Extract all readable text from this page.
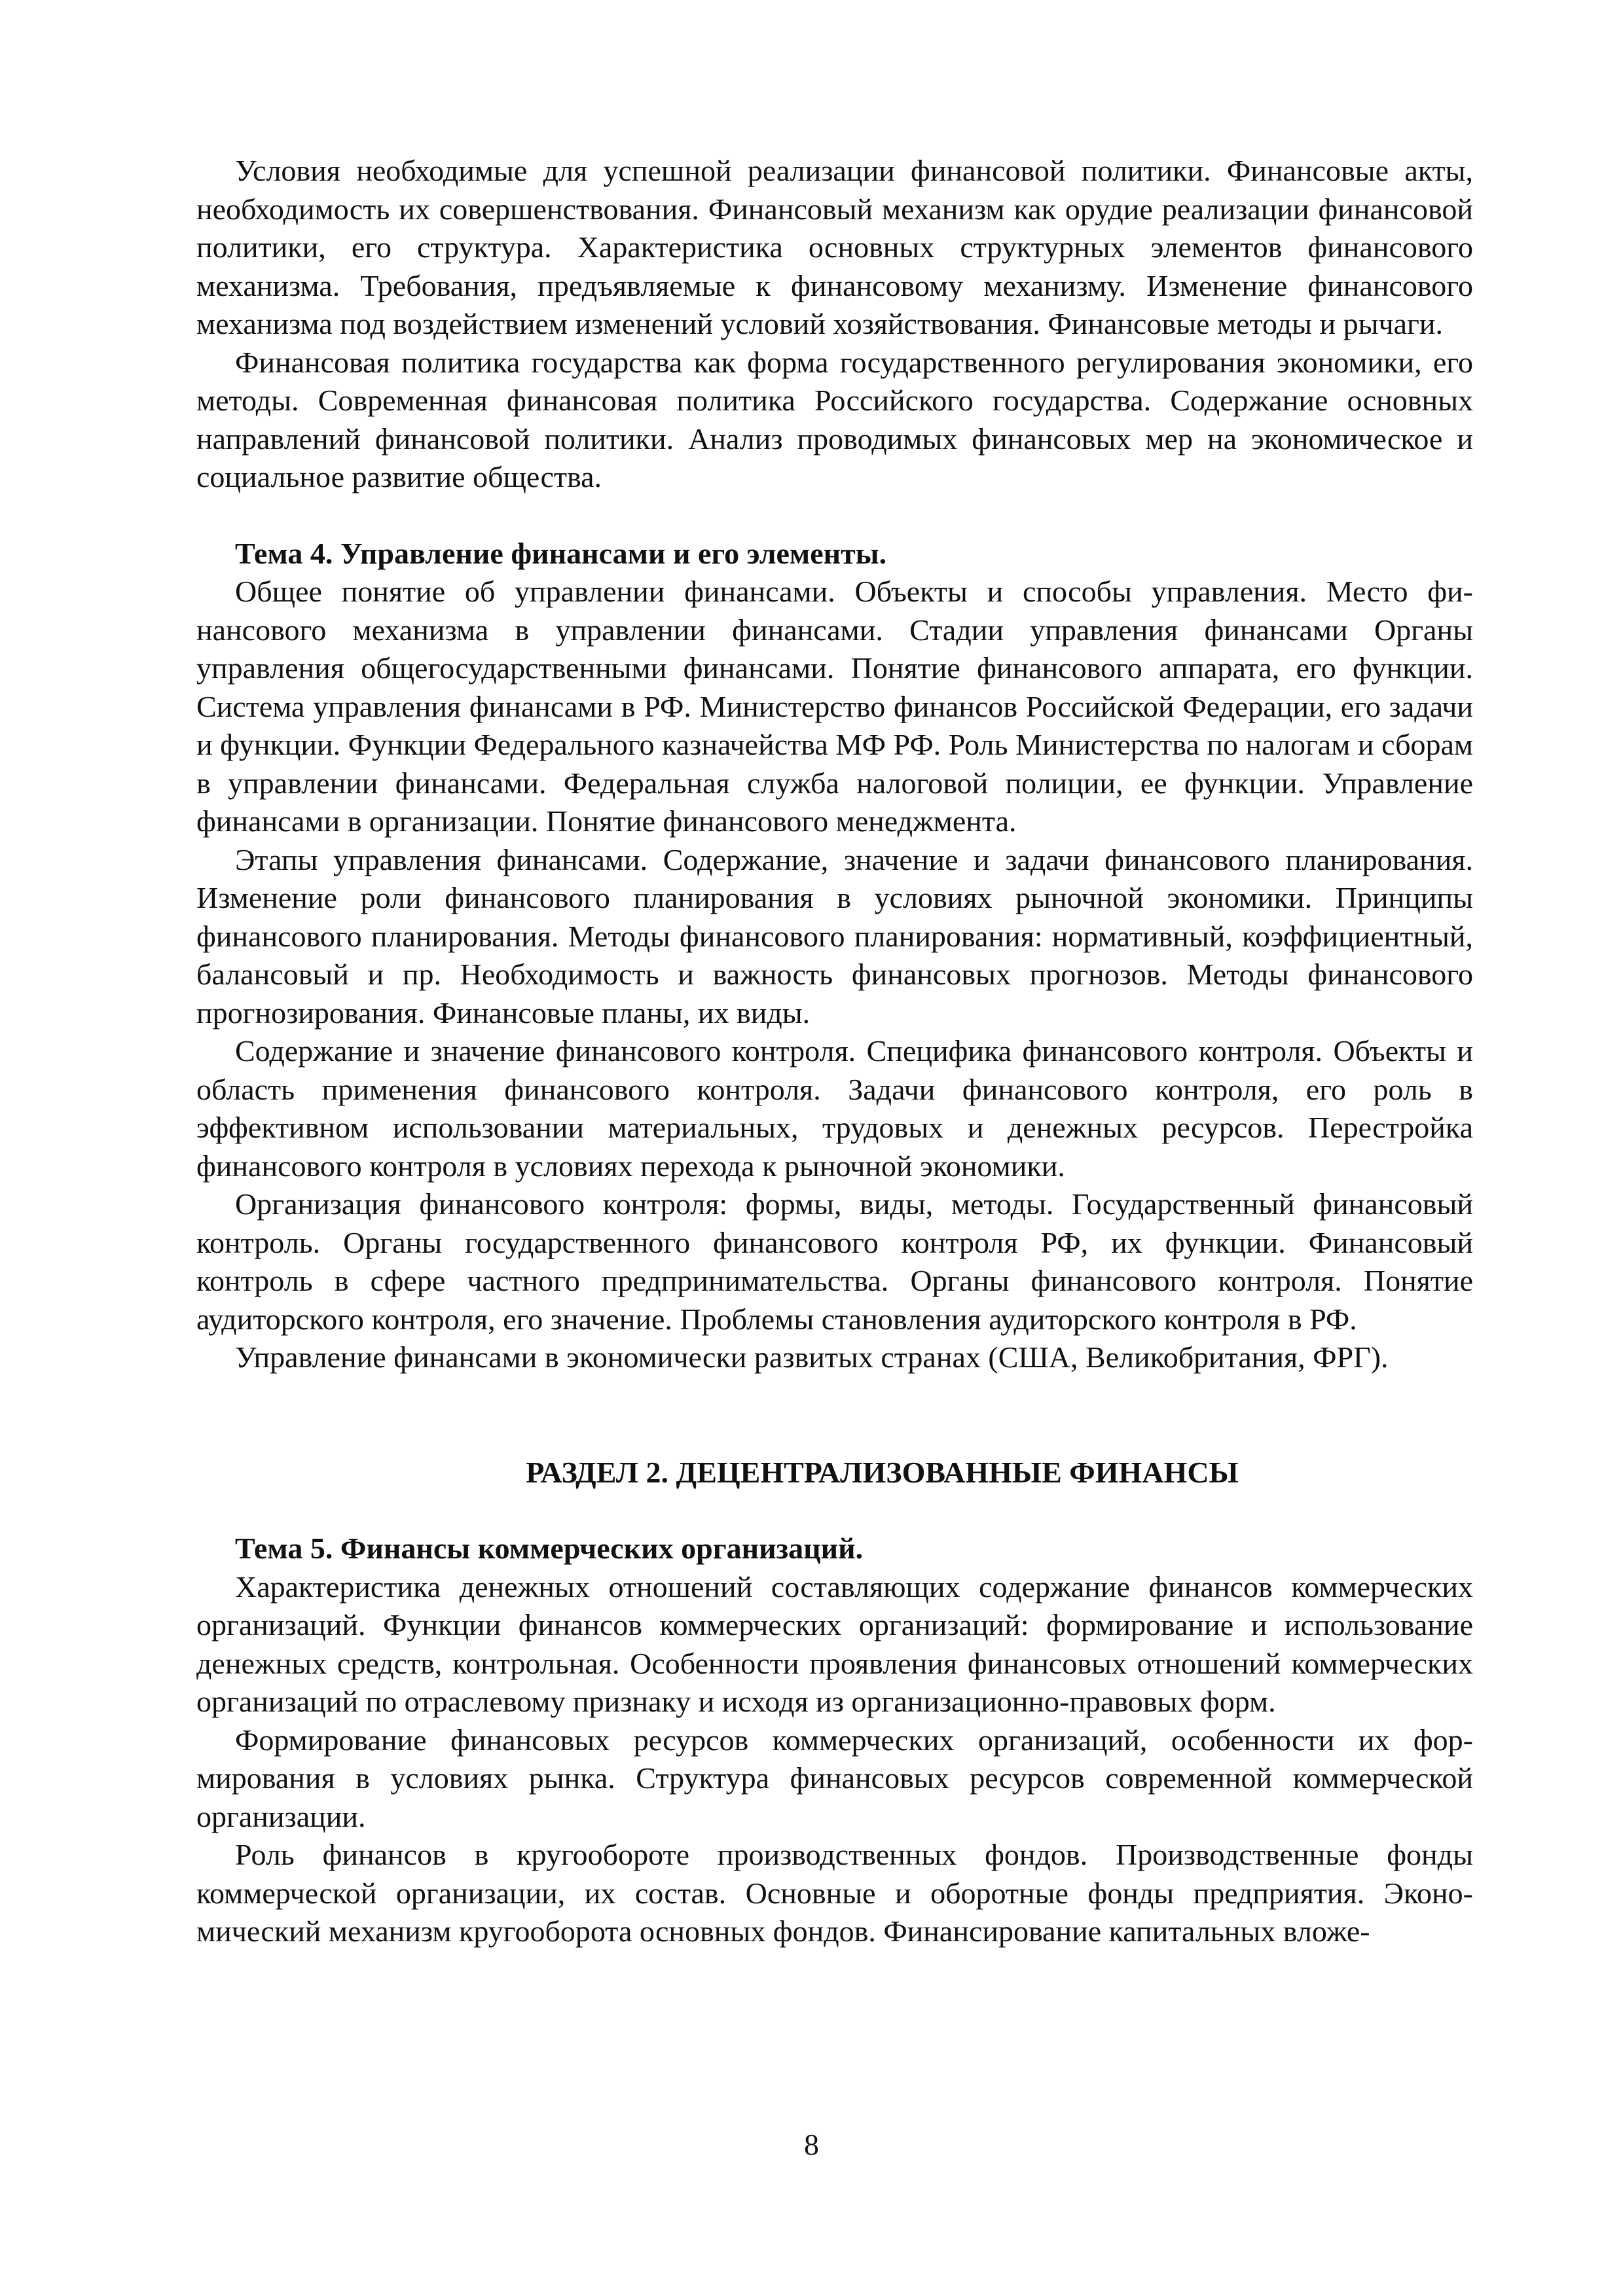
Условия необходимые для успешной реализации финансовой политики. Финансовые акты, необходимость их совершенствования. Финансовый механизм как орудие реализации финансовой политики, его структура. Характеристика основных структурных элементов финансового механизма. Требования, предъявляемые к финансовому механизму. Изменение финансового механизма под воздействием изменений условий хозяйствования. Финансовые методы и рычаги.

Финансовая политика государства как форма государственного регулирования экономики, его методы. Современная финансовая политика Российского государства. Содержание основных направлений финансовой политики. Анализ проводимых финансовых мер на экономическое и социальное развитие общества.

Тема 4. Управление финансами и его элементы.

Общее понятие об управлении финансами. Объекты и способы управления. Место финансового механизма в управлении финансами. Стадии управления финансами Органы управления общегосударственными финансами. Понятие финансового аппарата, его функции. Система управления финансами в РФ. Министерство финансов Российской Федерации, его задачи и функции. Функции Федерального казначейства МФ РФ. Роль Министерства по налогам и сборам в управлении финансами. Федеральная служба налоговой полиции, ее функции. Управление финансами в организации. Понятие финансового менеджмента.

Этапы управления финансами. Содержание, значение и задачи финансового планирования. Изменение роли финансового планирования в условиях рыночной экономики. Принципы финансового планирования. Методы финансового планирования: нормативный, коэффициентный, балансовый и пр. Необходимость и важность финансовых прогнозов. Методы финансового прогнозирования. Финансовые планы, их виды.

Содержание и значение финансового контроля. Специфика финансового контроля. Объекты и область применения финансового контроля. Задачи финансового контроля, его роль в эффективном использовании материальных, трудовых и денежных ресурсов. Перестройка финансового контроля в условиях перехода к рыночной экономики.

Организация финансового контроля: формы, виды, методы. Государственный финансовый контроль. Органы государственного финансового контроля РФ, их функции. Финансовый контроль в сфере частного предпринимательства. Органы финансового контроля. Понятие аудиторского контроля, его значение. Проблемы становления аудиторского контроля в РФ.

Управление финансами в экономически развитых странах (США, Великобритания, ФРГ).

РАЗДЕЛ 2. ДЕЦЕНТРАЛИЗОВАННЫЕ ФИНАНСЫ
Тема 5. Финансы коммерческих организаций.

Характеристика денежных отношений составляющих содержание финансов коммерческих организаций. Функции финансов коммерческих организаций: формирование и использование денежных средств, контрольная. Особенности проявления финансовых отношений коммерческих организаций по отраслевому признаку и исходя из организационно-правовых форм.

Формирование финансовых ресурсов коммерческих организаций, особенности их формирования в условиях рынка. Структура финансовых ресурсов современной коммерческой организации.

Роль финансов в кругообороте производственных фондов. Производственные фонды коммерческой организации, их состав. Основные и оборотные фонды предприятия. Экономический механизм кругооборота основных фондов. Финансирование капитальных вложе-

8
